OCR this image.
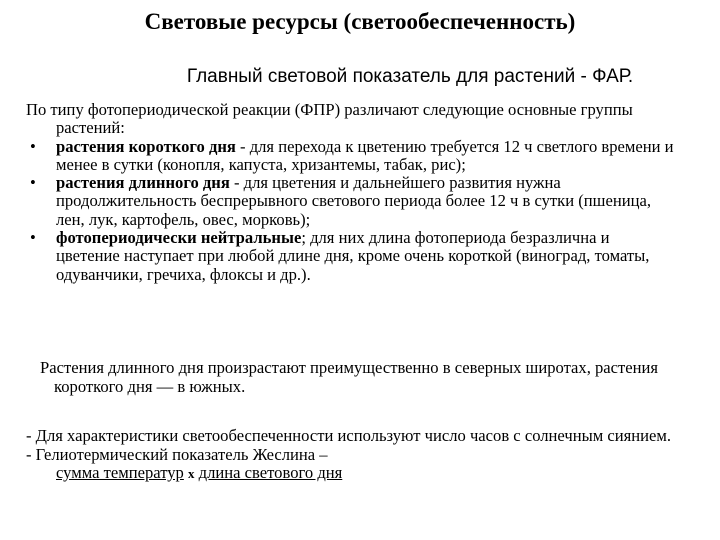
Световые ресурсы (светообеспеченность)
Главный световой показатель для растений - ФАР.

По типу фотопериодической реакции (ФПР) различают следующие основные группы растений:

• растения короткого дня - для перехода к цветению требуется 12 ч светлого времени и менее в сутки (конопля, капуста, хризантемы, табак, рис);
• растения длинного дня - для цветения и дальнейшего развития нужна продолжительность беспрерывного светового периода более 12 ч в сутки (пшеница, лен, лук, картофель, овес, морковь);
• фотопериодически нейтральные; для них длина фотопериода безразлична и цветение наступает при любой длине дня, кроме очень короткой (виноград, томаты, одуванчики, гречиха, флоксы и др.).

Растения длинного дня произрастают преимущественно в северных широтах, растения короткого дня — в южных.

- Для характеристики светообеспеченности используют число часов с солнечным сиянием.

- Гелиотермический показатель Жеслина –
сумма температур x длина светового дня
